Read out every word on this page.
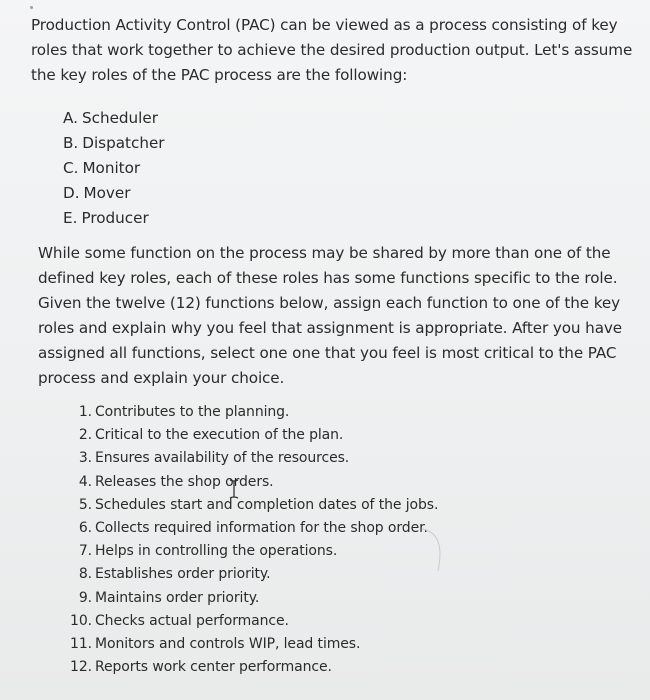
Production Activity Control (PAC) can be viewed as a process consisting of key roles that work together to achieve the desired production output. Let's assume the key roles of the PAC process are the following:

A. Scheduler
B. Dispatcher
C. Monitor
D. Mover
E. Producer

While some function on the process may be shared by more than one of the defined key roles, each of these roles has some functions specific to the role. Given the twelve (12) functions below, assign each function to one of the key roles and explain why you feel that assignment is appropriate. After you have assigned all functions, select one one that you feel is most critical to the PAC process and explain your choice.

1. Contributes to the planning.
2. Critical to the execution of the plan.
3. Ensures availability of the resources.
4. Releases the shop orders.
5. Schedules start and completion dates of the jobs.
6. Collects required information for the shop order.
7. Helps in controlling the operations.
8. Establishes order priority.
9. Maintains order priority.
10. Checks actual performance.
11. Monitors and controls WIP, lead times.
12. Reports work center performance.
